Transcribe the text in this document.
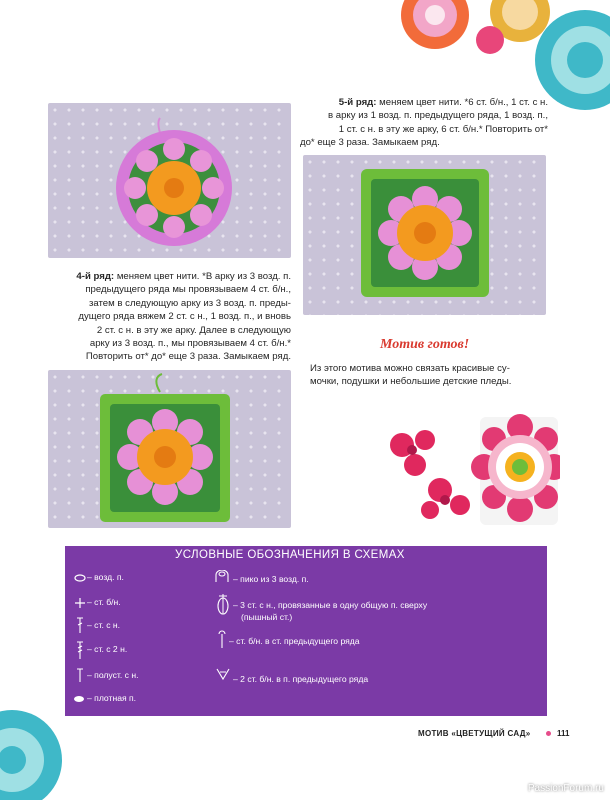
5-й ряд: меняем цвет нити. *6 ст. б/н., 1 ст. с н.
в арку из 1 возд. п. предыдущего ряда, 1 возд. п.,
1 ст. с н. в эту же арку, 6 ст. б/н.* Повторить от*
до* еще 3 раза. Замыкаем ряд.
4-й ряд: меняем цвет нити. *В арку из 3 возд. п.
предыдущего ряда мы провязываем 4 ст. б/н.,
затем в следующую арку из 3 возд. п. преды-
дущего ряда вяжем 2 ст. с н., 1 возд. п., и вновь
2 ст. с н. в эту же арку. Далее в следующую
арку из 3 возд. п., мы провязываем 4 ст. б/н.*
Повторить от* до* еще 3 раза. Замыкаем ряд.
Мотив готов!
Из этого мотива можно связать красивые су-
мочки, подушки и небольшие детские пледы.
УСЛОВНЫЕ ОБОЗНАЧЕНИЯ В СХЕМАХ
– возд. п.
– ст. б/н.
– ст. с н.
– ст. с 2 н.
– полуст. с н.
– плотная п.
– пико из 3 возд. п.
– 3 ст. с н., провязанные в одну общую п. сверху
(пышный ст.)
– ст. б/н. в ст. предыдущего ряда
– 2 ст. б/н. в п. предыдущего ряда
МОТИВ «ЦВЕТУЩИЙ САД»	111
PassionForum.ru
